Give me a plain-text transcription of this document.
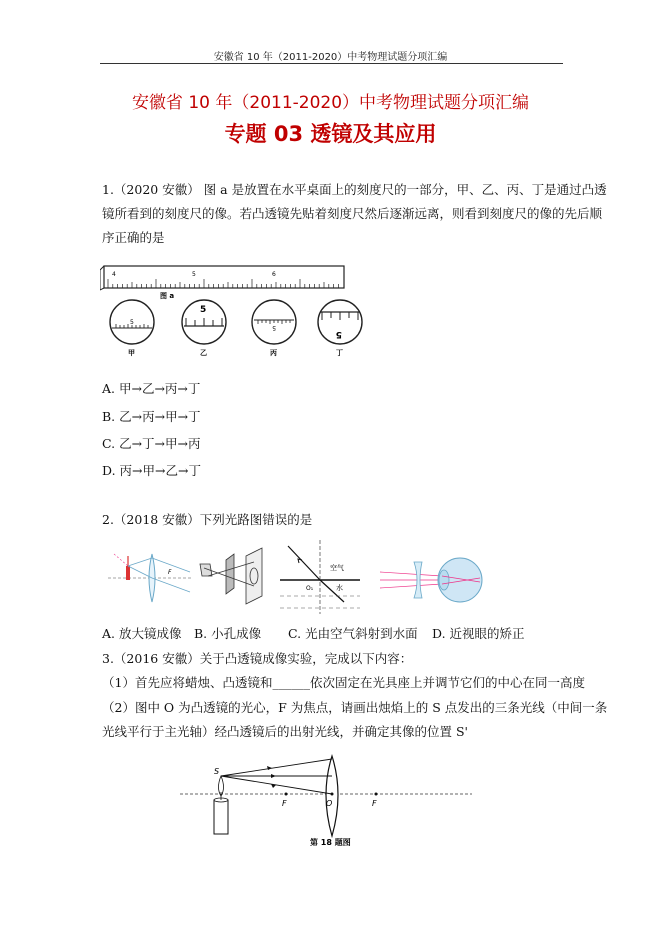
安徽省 10 年（2011-2020）中考物理试题分项汇编
安徽省 10 年（2011-2020）中考物理试题分项汇编
专题 03 透镜及其应用
1.（2020 安徽） 图 a 是放置在水平桌面上的刻度尺的一部分，甲、乙、丙、丁是通过凸透
镜所看到的刻度尺的像。若凸透镜先贴着刻度尺然后逐渐远离，则看到刻度尺的像的先后顺
序正确的是
4	5	6
图 a
5
甲
5
乙
5
丙
5
丁
A. 甲→乙→丙→丁
B. 乙→丙→甲→丁
C. 乙→丁→甲→丙
D. 丙→甲→乙→丁
2.（2018 安徽）下列光路图错误的是
F
空气
水
O₁
A. 放大镜成像 B. 小孔成像 C. 光由空气斜射到水面 D. 近视眼的矫正
3.（2016 安徽）关于凸透镜成像实验，完成以下内容：
（1）首先应将蜡烛、凸透镜和______依次固定在光具座上并调节它们的中心在同一高度
（2）图中 O 为凸透镜的光心，F 为焦点，请画出烛焰上的 S 点发出的三条光线（中间一条
光线平行于主光轴）经凸透镜后的出射光线，并确定其像的位置 S'
S
F	O	F
第 18 题图
